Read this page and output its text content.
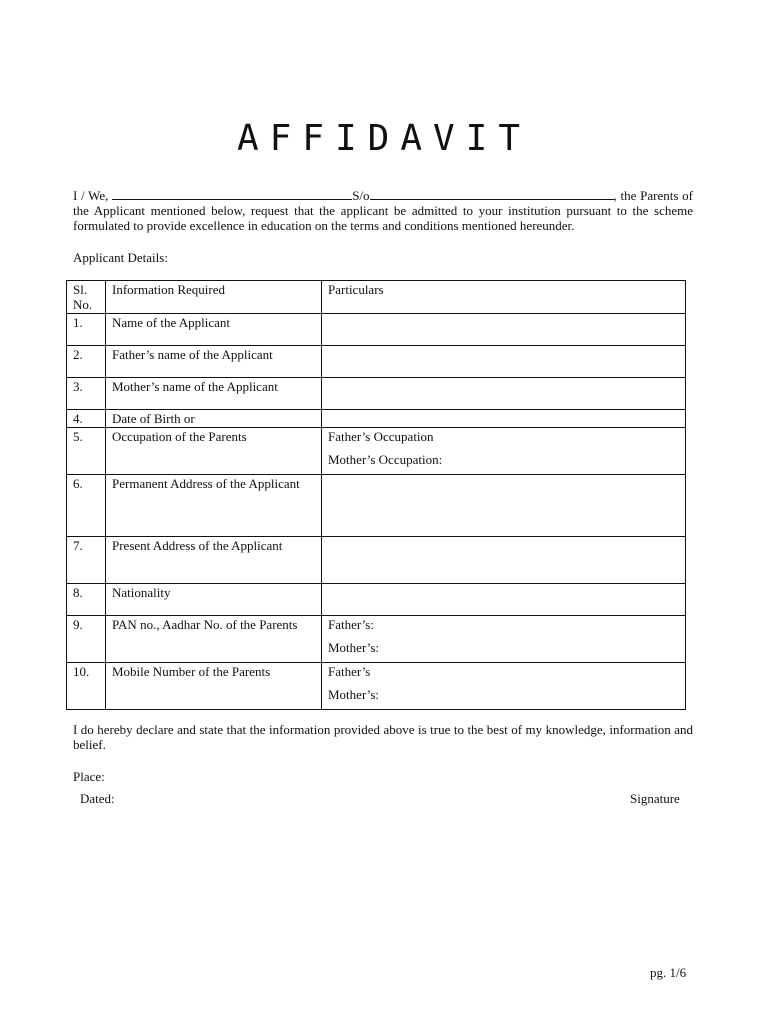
AFFIDAVIT
I / We,	S/o	, the Parents of the Applicant mentioned below, request that the applicant be admitted to your institution pursuant to the scheme formulated to provide excellence in education on the terms and conditions mentioned hereunder.
Applicant Details:
Sl. No.	Information Required	Particulars
1.	Name of the Applicant	
2.	Father’s name of the Applicant	
3.	Mother’s name of the Applicant	
4.	Date of Birth or	
5.	Occupation of the Parents	Father’s Occupation
Mother’s Occupation:
6.	Permanent Address of the Applicant	
7.	Present Address of the Applicant	
8.	Nationality	
9.	PAN no., Aadhar No. of the Parents	Father’s:
Mother’s:
10.	Mobile Number of the Parents	Father’s
Mother’s:
I do hereby declare and state that the information provided above is true to the best of my knowledge, information and belief.
Place:
Dated:	Signature
pg. 1/6
